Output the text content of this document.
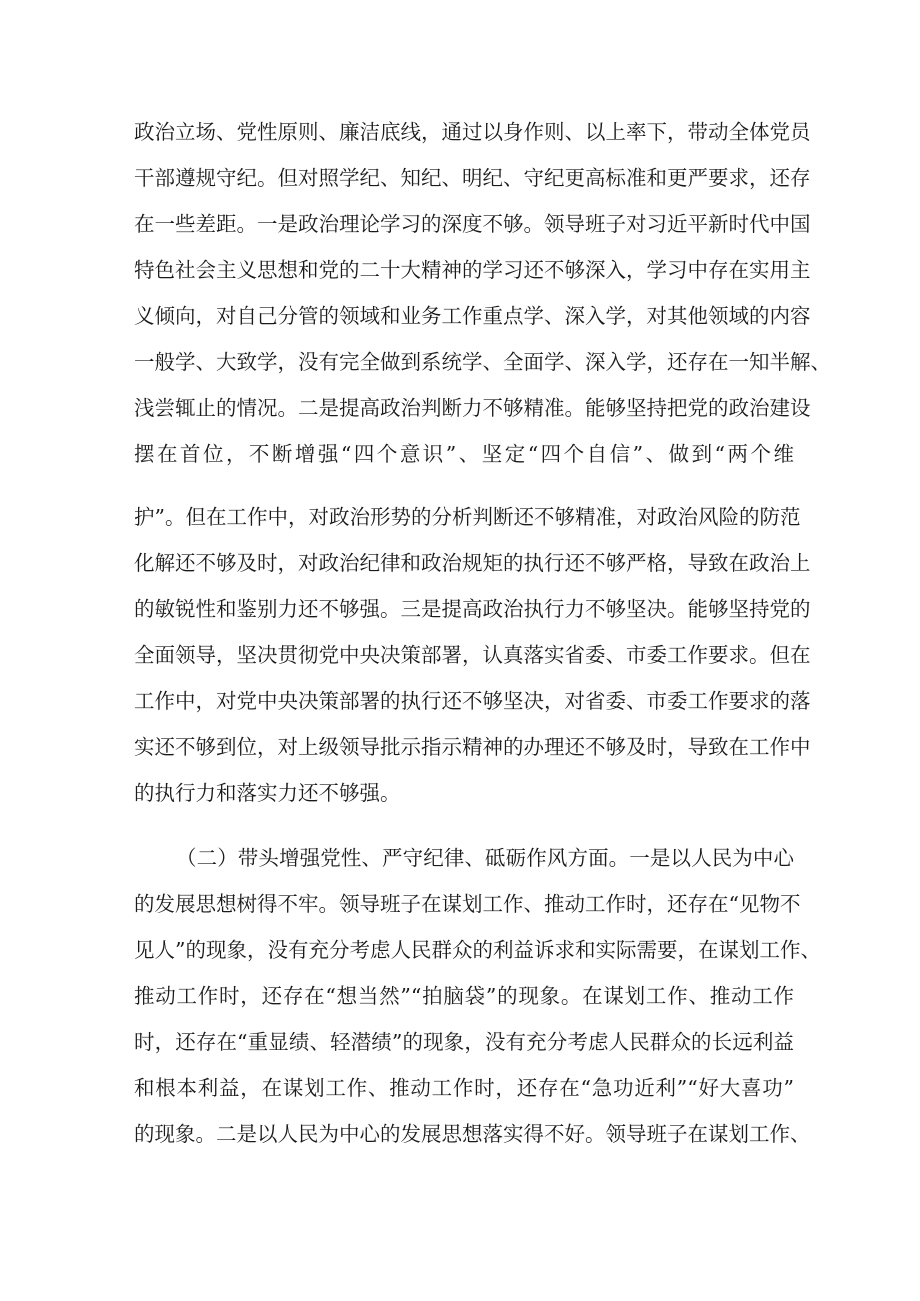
政治立场、党性原则、廉洁底线，通过以身作则、以上率下，带动全体党员
干部遵规守纪。但对照学纪、知纪、明纪、守纪更高标准和更严要求，还存
在一些差距。一是政治理论学习的深度不够。领导班子对习近平新时代中国
特色社会主义思想和党的二十大精神的学习还不够深入，学习中存在实用主
义倾向，对自己分管的领域和业务工作重点学、深入学，对其他领域的内容
一般学、大致学，没有完全做到系统学、全面学、深入学，还存在一知半解、
浅尝辄止的情况。二是提高政治判断力不够精准。能够坚持把党的政治建设
摆在首位，不断增强“四个意识”、坚定“四个自信”、做到“两个维
护”。但在工作中，对政治形势的分析判断还不够精准，对政治风险的防范
化解还不够及时，对政治纪律和政治规矩的执行还不够严格，导致在政治上
的敏锐性和鉴别力还不够强。三是提高政治执行力不够坚决。能够坚持党的
全面领导，坚决贯彻党中央决策部署，认真落实省委、市委工作要求。但在
工作中，对党中央决策部署的执行还不够坚决，对省委、市委工作要求的落
实还不够到位，对上级领导批示指示精神的办理还不够及时，导致在工作中
的执行力和落实力还不够强。
（二）带头增强党性、严守纪律、砥砺作风方面。一是以人民为中心
的发展思想树得不牢。领导班子在谋划工作、推动工作时，还存在“见物不
见人”的现象，没有充分考虑人民群众的利益诉求和实际需要，在谋划工作、
推动工作时，还存在“想当然”“拍脑袋”的现象。在谋划工作、推动工作
时，还存在“重显绩、轻潜绩”的现象，没有充分考虑人民群众的长远利益
和根本利益，在谋划工作、推动工作时，还存在“急功近利”“好大喜功”
的现象。二是以人民为中心的发展思想落实得不好。领导班子在谋划工作、
